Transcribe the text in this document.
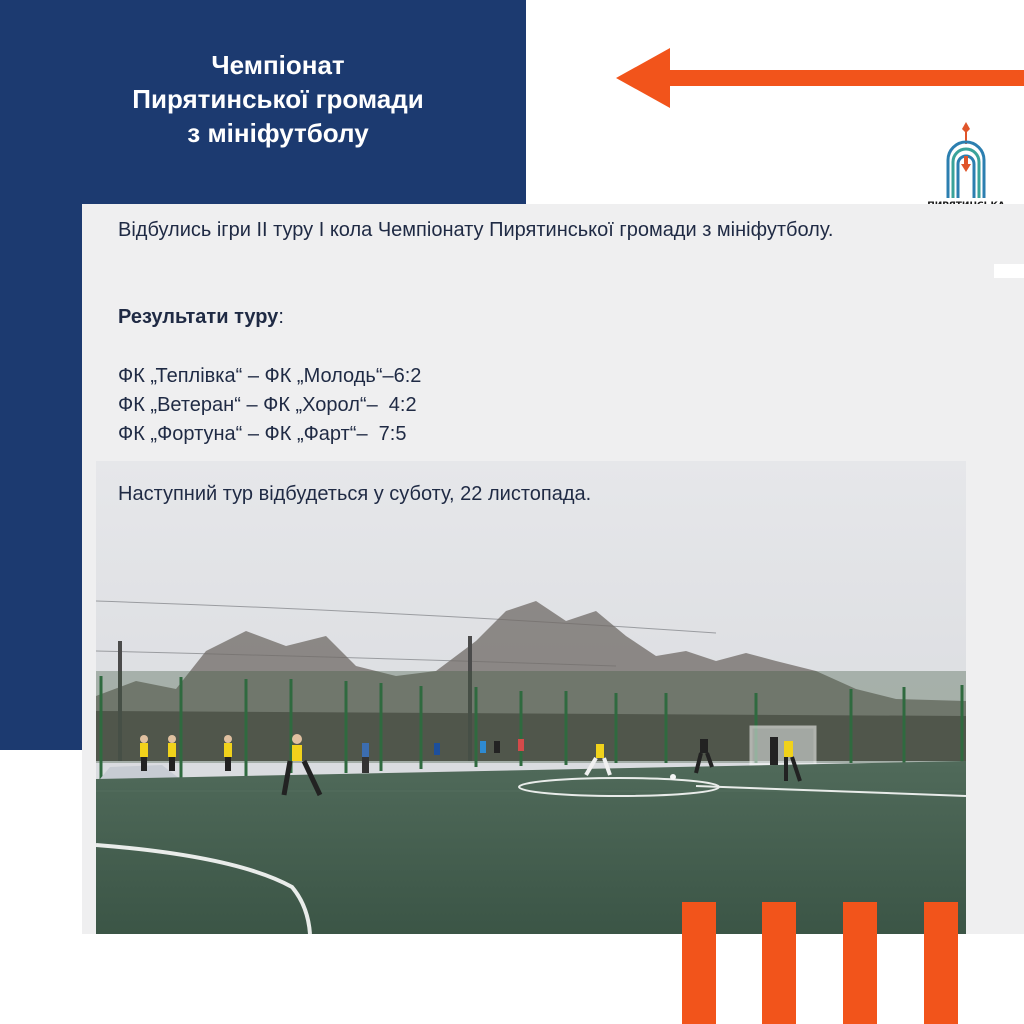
Чемпіонат
Пирятинської громади
з мініфутболу
Відбулись ігри ІІ туру І кола Чемпіонату Пирятинської громади з мініфутболу.
Результати туру:
ФК „Теплівка“ – ФК „Молодь“–6:2
ФК „Ветеран“ – ФК „Хорол“–  4:2
ФК „Фортуна“ – ФК „Фарт“–  7:5
Наступний тур відбудеться у суботу, 22 листопада.
